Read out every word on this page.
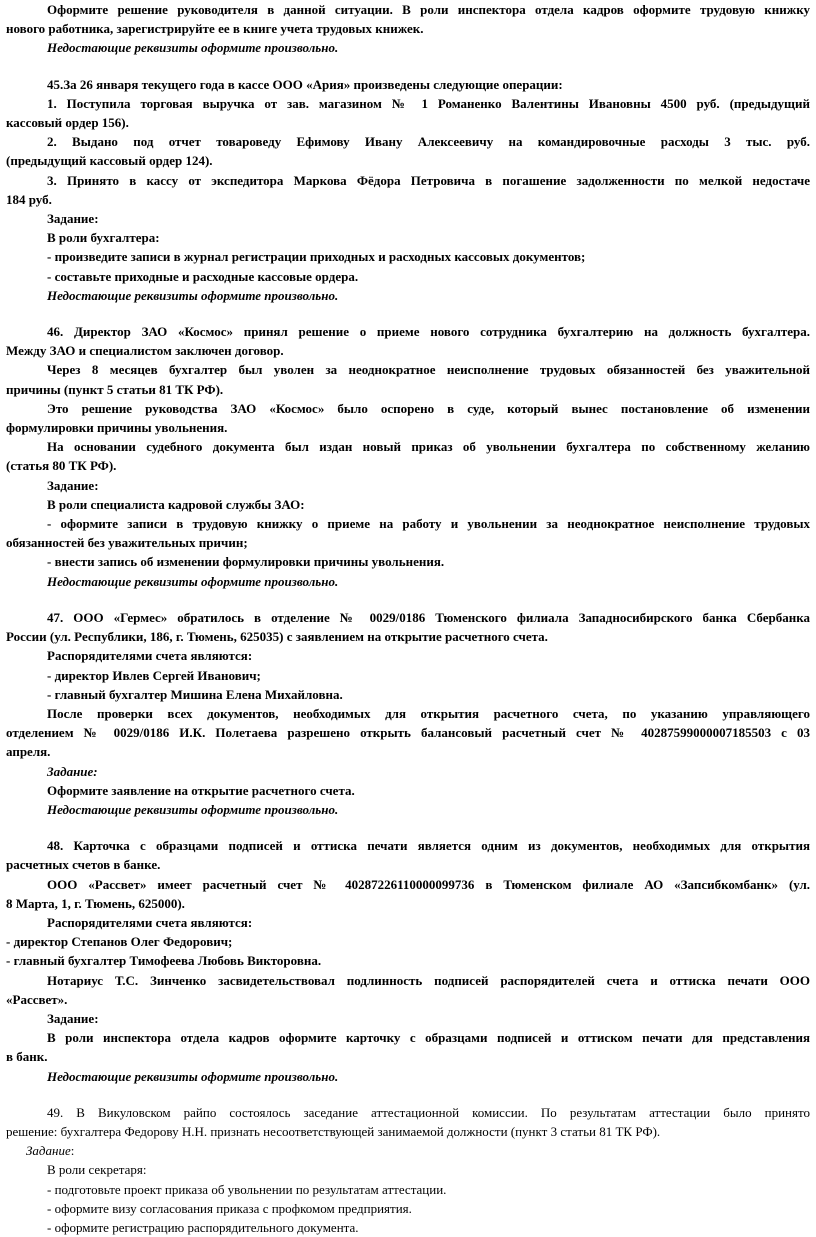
Оформите решение руководителя в данной ситуации. В роли инспектора отдела кадров оформите трудовую книжку
нового работника, зарегистрируйте ее в книге учета трудовых книжек.
Недостающие реквизиты оформите произвольно.
45.За 26 января текущего года в кассе ООО «Ария» произведены следующие операции:
1. Поступила торговая выручка от зав. магазином № 1 Романенко Валентины Ивановны 4500 руб. (предыдущий
кассовый ордер 156).
2. Выдано под отчет товароведу Ефимову Ивану Алексеевичу на командировочные расходы 3 тыс. руб.
(предыдущий кассовый ордер 124).
3. Принято в кассу от экспедитора Маркова Фёдора Петровича в погашение задолженности по мелкой недостаче
184 руб.
Задание:
В роли бухгалтера:
- произведите записи в журнал регистрации приходных и расходных кассовых документов;
- составьте приходные и расходные кассовые ордера.
Недостающие реквизиты оформите произвольно.
46. Директор ЗАО «Космос» принял решение о приеме нового сотрудника бухгалтерию на должность бухгалтера.
Между ЗАО и специалистом заключен договор.
Через 8 месяцев бухгалтер был уволен за неоднократное неисполнение трудовых обязанностей без уважительной
причины (пункт 5 статьи 81 ТК РФ).
Это решение руководства ЗАО «Космос» было оспорено в суде, который вынес постановление об изменении
формулировки причины увольнения.
На основании судебного документа был издан новый приказ об увольнении бухгалтера по собственному желанию
(статья 80 ТК РФ).
Задание:
В роли специалиста кадровой службы ЗАО:
- оформите записи в трудовую книжку о приеме на работу и увольнении за неоднократное неисполнение трудовых
обязанностей без уважительных причин;
- внести запись об изменении формулировки причины увольнения.
Недостающие реквизиты оформите произвольно.
47. ООО «Гермес» обратилось в отделение № 0029/0186 Тюменского филиала Западносибирского банка Сбербанка
России (ул. Республики, 186, г. Тюмень, 625035) с заявлением на открытие расчетного счета.
Распорядителями счета являются:
- директор Ивлев Сергей Иванович;
- главный бухгалтер Мишина Елена Михайловна.
После проверки всех документов, необходимых для открытия расчетного счета, по указанию управляющего
отделением № 0029/0186 И.К. Полетаева разрешено открыть балансовый расчетный счет № 40287599000007185503 с 03
апреля.
Задание:
Оформите заявление на открытие расчетного счета.
Недостающие реквизиты оформите произвольно.
48. Карточка с образцами подписей и оттиска печати является одним из документов, необходимых для открытия
расчетных счетов в банке.
ООО «Рассвет» имеет расчетный счет № 40287226110000099736 в Тюменском филиале АО «Запсибкомбанк» (ул.
8 Марта, 1, г. Тюмень, 625000).
Распорядителями счета являются:
- директор Степанов Олег Федорович;
- главный бухгалтер Тимофеева Любовь Викторовна.
Нотариус Т.С. Зинченко засвидетельствовал подлинность подписей распорядителей счета и оттиска печати ООО
«Рассвет».
Задание:
В роли инспектора отдела кадров оформите карточку с образцами подписей и оттиском печати для представления
в банк.
Недостающие реквизиты оформите произвольно.
49. В Викуловском райпо состоялось заседание аттестационной комиссии. По результатам аттестации было принято
решение: бухгалтера Федорову Н.Н. признать несоответствующей занимаемой должности (пункт 3 статьи 81 ТК РФ).
Задание:
В роли секретаря:
- подготовьте проект приказа об увольнении по результатам аттестации.
- оформите визу согласования приказа с профкомом предприятия.
- оформите регистрацию распорядительного документа.
